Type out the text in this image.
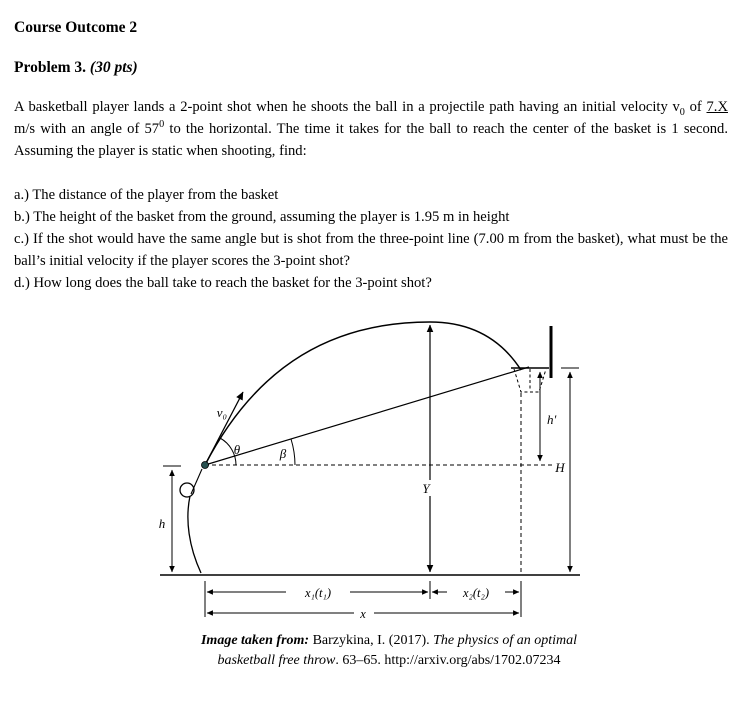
Course Outcome 2
Problem 3. (30 pts)

A basketball player lands a 2-point shot when he shoots the ball in a projectile path having an initial velocity $v_0$ of 7.X m/s with an angle of $57^0$ to the horizontal. The time it takes for the ball to reach the center of the basket is 1 second. Assuming the player is static when shooting, find:

a.) The distance of the player from the basket
b.) The height of the basket from the ground, assuming the player is 1.95 m in height
c.) If the shot would have the same angle but is shot from the three-point line (7.00 m from the basket), what must be the ball’s initial velocity if the player scores the 3-point shot?
d.) How long does the ball take to reach the basket for the 3-point shot?
v₀
θ	β
Y
h′
H
h
x₁(t₁)	x₂(t₂)
x
Image taken from: Barzykina, I. (2017). The physics of an optimal
basketball free throw. 63–65. http://arxiv.org/abs/1702.07234
